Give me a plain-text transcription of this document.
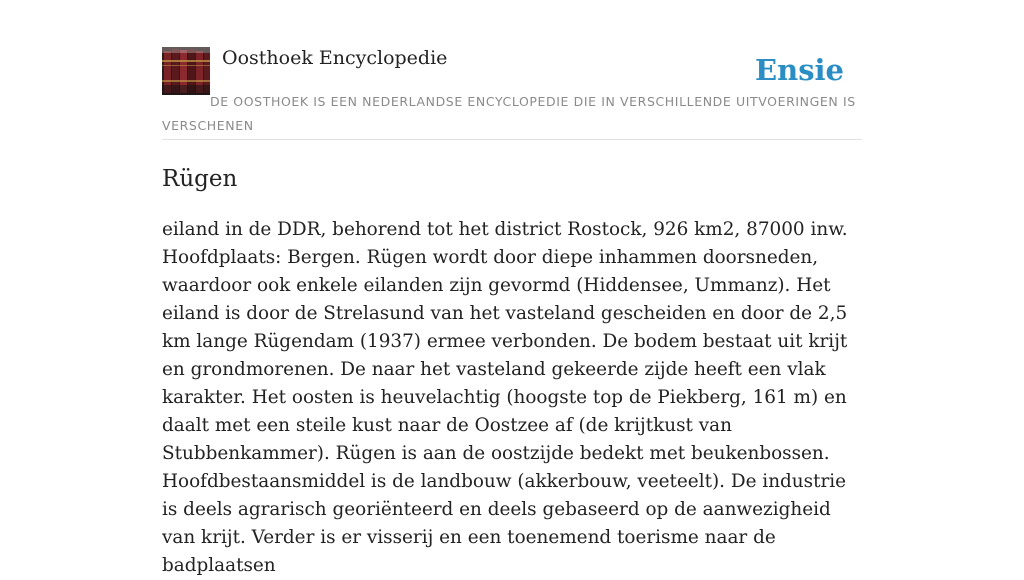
Oosthoek Encyclopedie	Ensie
DE OOSTHOEK IS EEN NEDERLANDSE ENCYCLOPEDIE DIE IN VERSCHILLENDE UITVOERINGEN IS VERSCHENEN
Rügen

eiland in de DDR, behorend tot het district Rostock, 926 km2, 87000 inw. Hoofdplaats: Bergen. Rügen wordt door diepe inhammen doorsneden, waardoor ook enkele eilanden zijn gevormd (Hiddensee, Ummanz). Het eiland is door de Strelasund van het vasteland gescheiden en door de 2,5 km lange Rügendam (1937) ermee verbonden. De bodem bestaat uit krijt en grondmorenen. De naar het vasteland gekeerde zijde heeft een vlak karakter. Het oosten is heuvelachtig (hoogste top de Piekberg, 161 m) en daalt met een steile kust naar de Oostzee af (de krijtkust van Stubbenkammer). Rügen is aan de oostzijde bedekt met beukenbossen. Hoofdbestaansmiddel is de landbouw (akkerbouw, veeteelt). De industrie is deels agrarisch georiënteerd en deels gebaseerd op de aanwezigheid van krijt. Verder is er visserij en een toenemend toerisme naar de badplaatsen
